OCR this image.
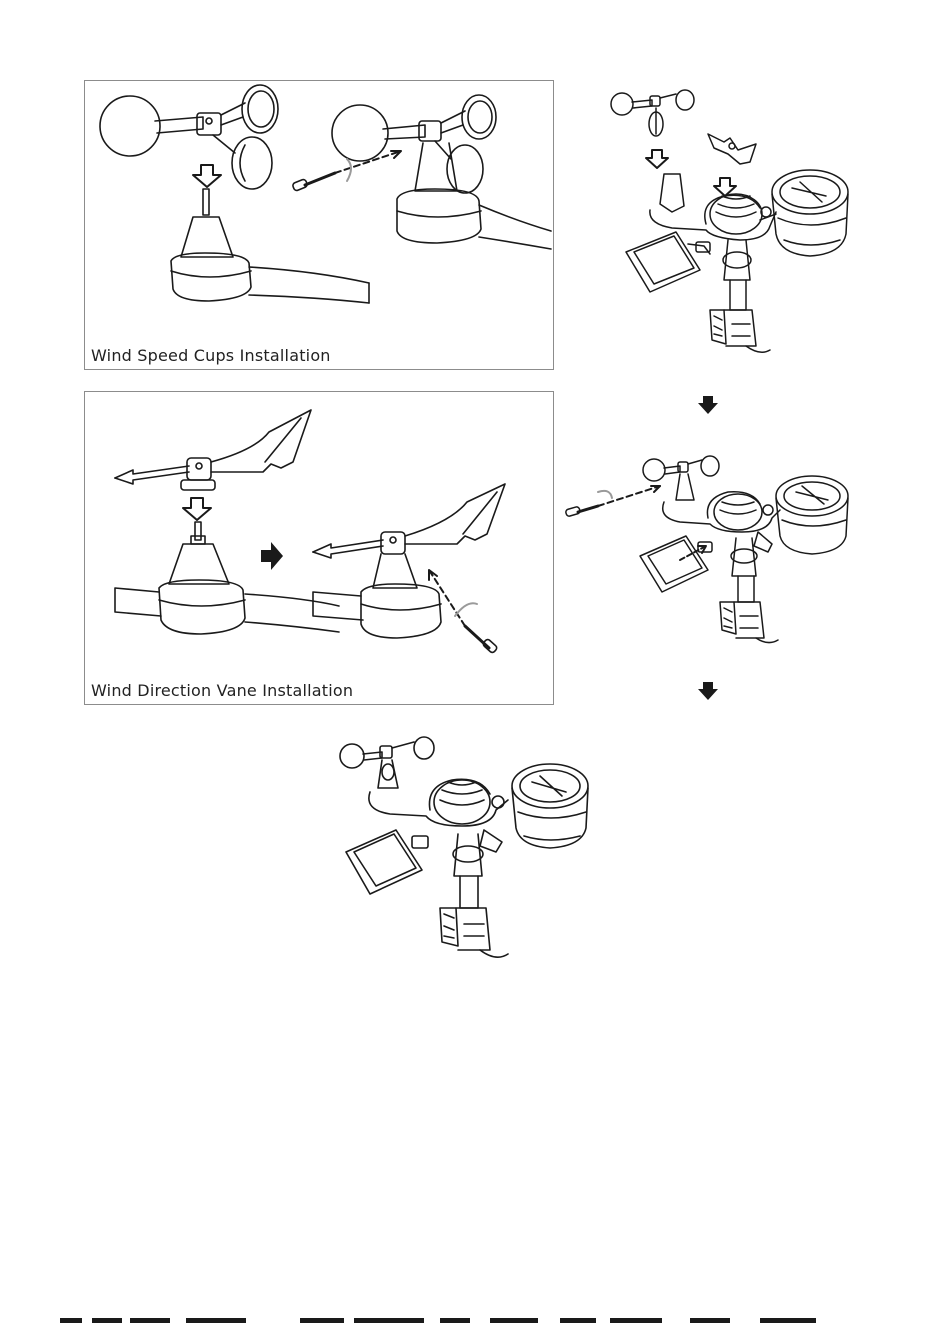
Wind Speed Cups Installation
Wind Direction Vane Installation
